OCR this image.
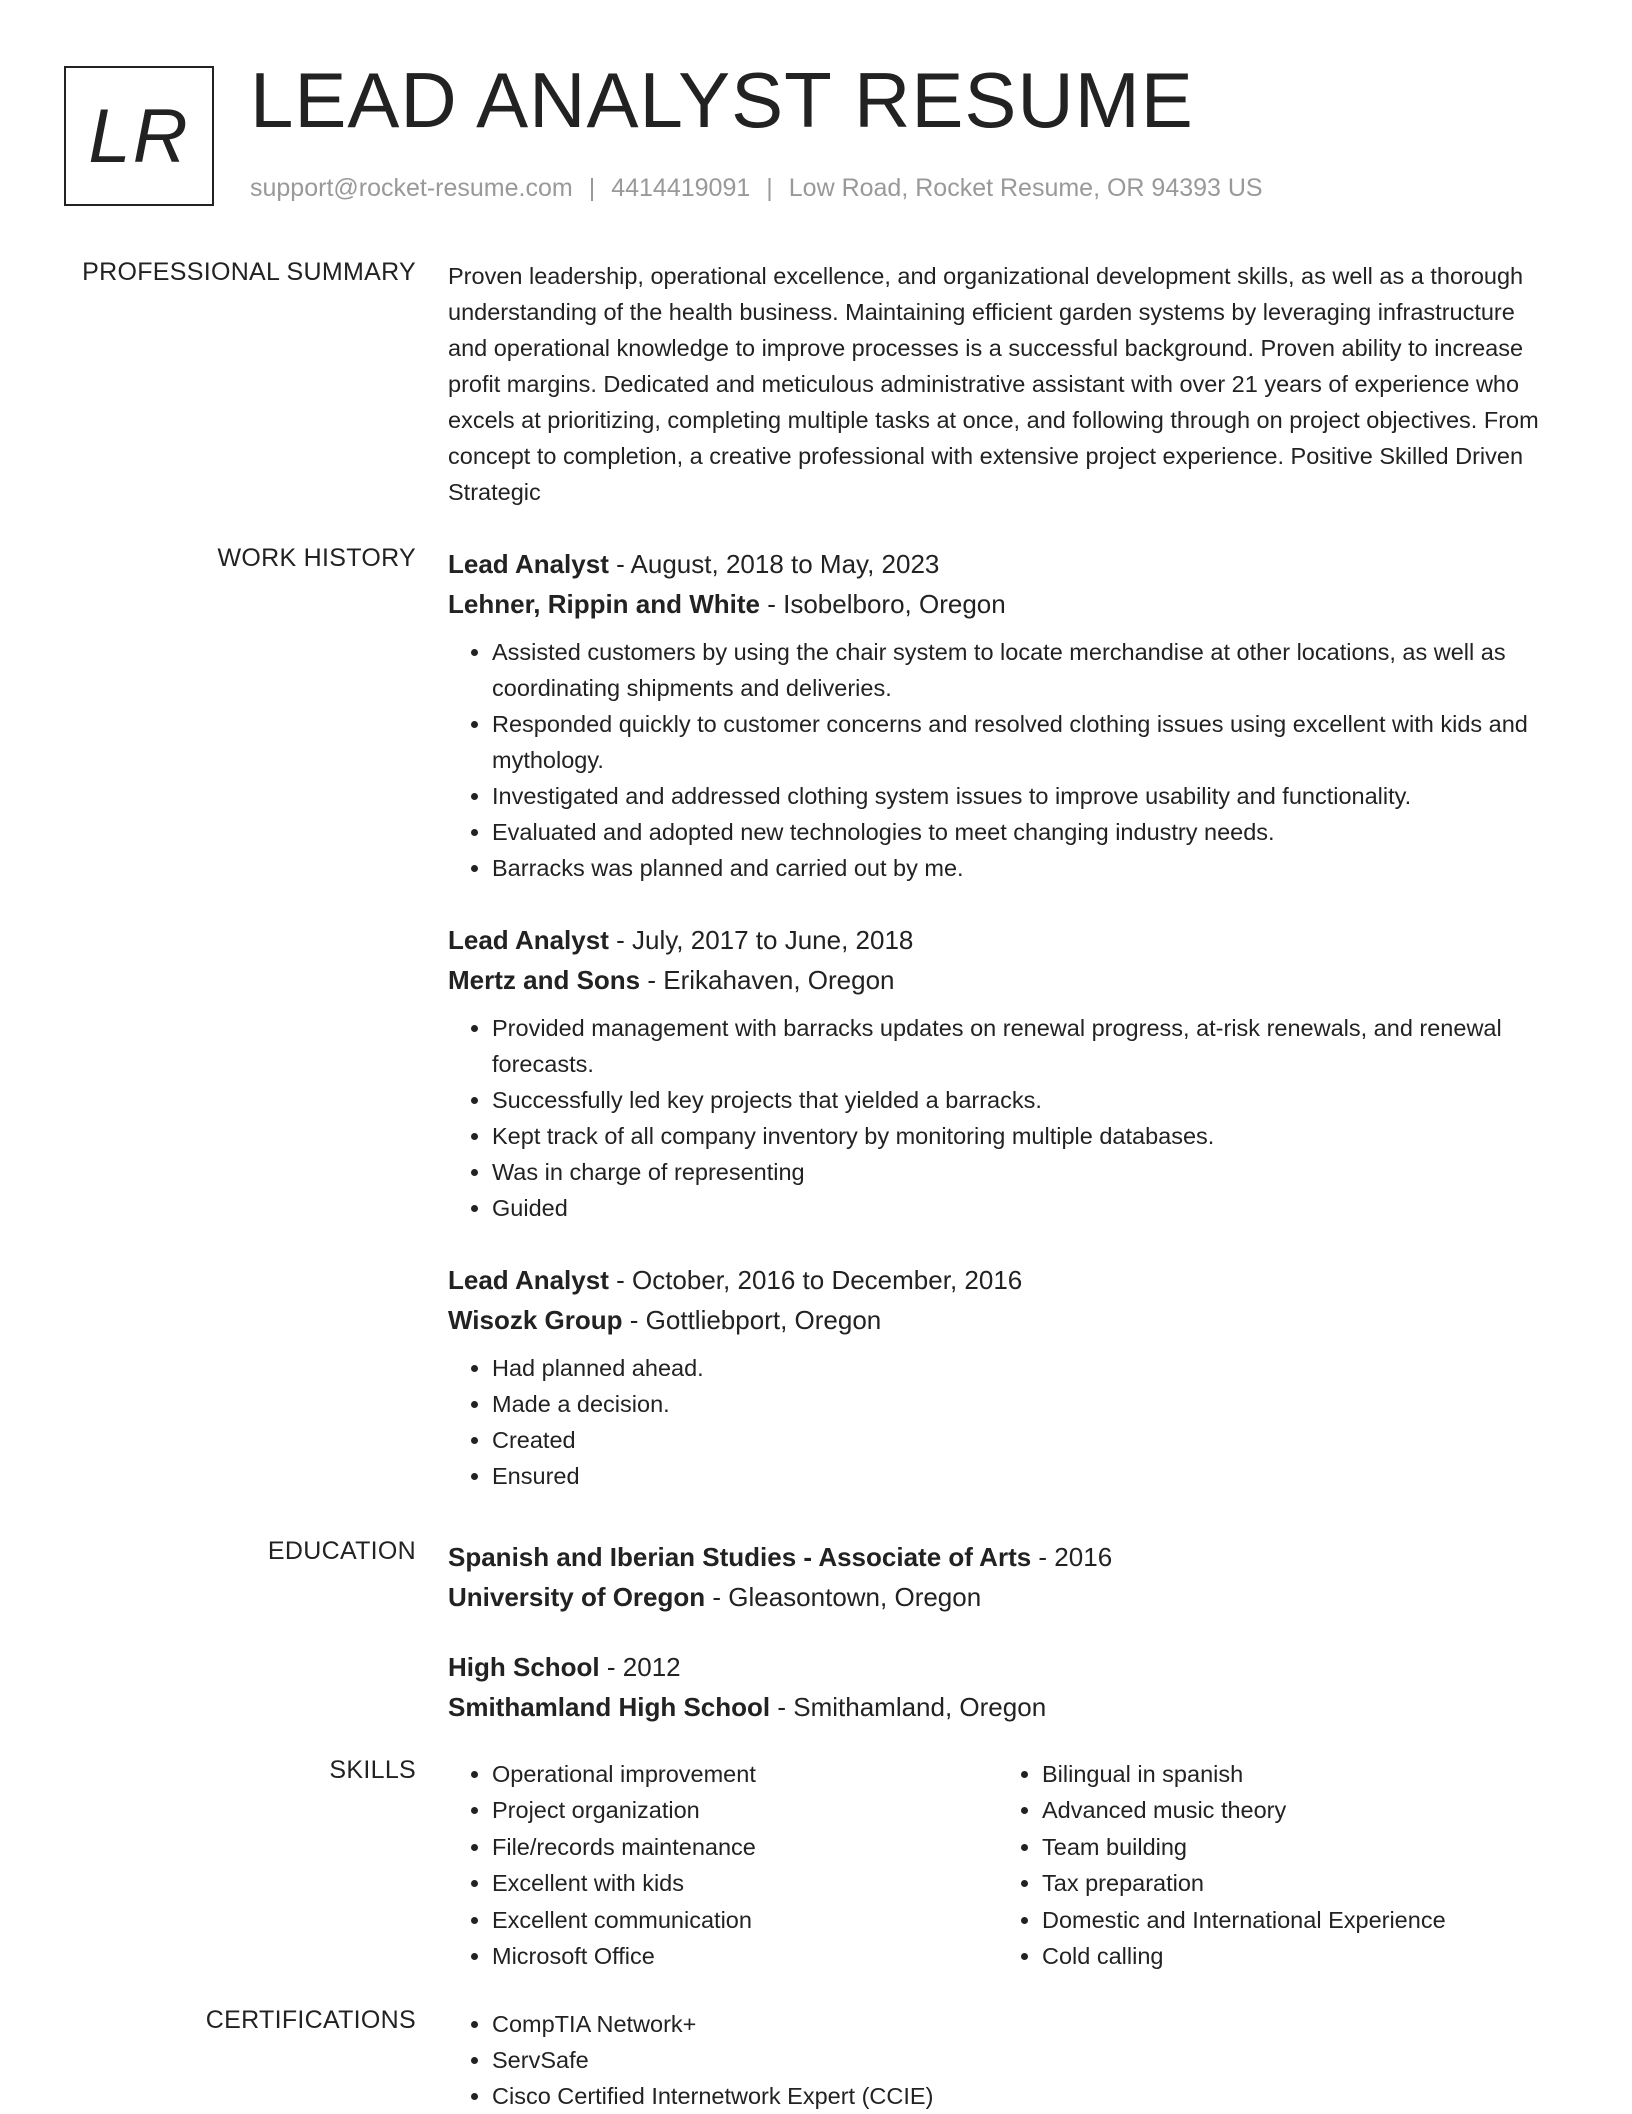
LR LEAD ANALYST RESUME
support@rocket-resume.com | 4414419091 | Low Road, Rocket Resume, OR 94393 US
PROFESSIONAL SUMMARY Proven leadership, operational excellence, and organizational development skills, as well as a thorough understanding of the health business. Maintaining efficient garden systems by leveraging infrastructure and operational knowledge to improve processes is a successful background. Proven ability to increase profit margins. Dedicated and meticulous administrative assistant with over 21 years of experience who excels at prioritizing, completing multiple tasks at once, and following through on project objectives. From concept to completion, a creative professional with extensive project experience. Positive Skilled Driven Strategic

WORK HISTORY Lead Analyst - August, 2018 to May, 2023
Lehner, Rippin and White - Isobelboro, Oregon
• Assisted customers by using the chair system to locate merchandise at other locations, as well as coordinating shipments and deliveries.
• Responded quickly to customer concerns and resolved clothing issues using excellent with kids and mythology.
• Investigated and addressed clothing system issues to improve usability and functionality.
• Evaluated and adopted new technologies to meet changing industry needs.
• Barracks was planned and carried out by me.
Lead Analyst - July, 2017 to June, 2018
Mertz and Sons - Erikahaven, Oregon
• Provided management with barracks updates on renewal progress, at-risk renewals, and renewal forecasts.
• Successfully led key projects that yielded a barracks.
• Kept track of all company inventory by monitoring multiple databases.
• Was in charge of representing
• Guided
Lead Analyst - October, 2016 to December, 2016
Wisozk Group - Gottliebport, Oregon
• Had planned ahead.
• Made a decision.
• Created
• Ensured
EDUCATION Spanish and Iberian Studies - Associate of Arts - 2016
University of Oregon - Gleasontown, Oregon
High School - 2012
Smithamland High School - Smithamland, Oregon
SKILLS	• Operational improvement
• Project organization
• File/records maintenance
• Excellent with kids
• Excellent communication
• Microsoft Office
• Bilingual in spanish
• Advanced music theory
• Team building
• Tax preparation
• Domestic and International Experience
• Cold calling
CERTIFICATIONS	• CompTIA Network+
• ServSafe
• Cisco Certified Internetwork Expert (CCIE)
